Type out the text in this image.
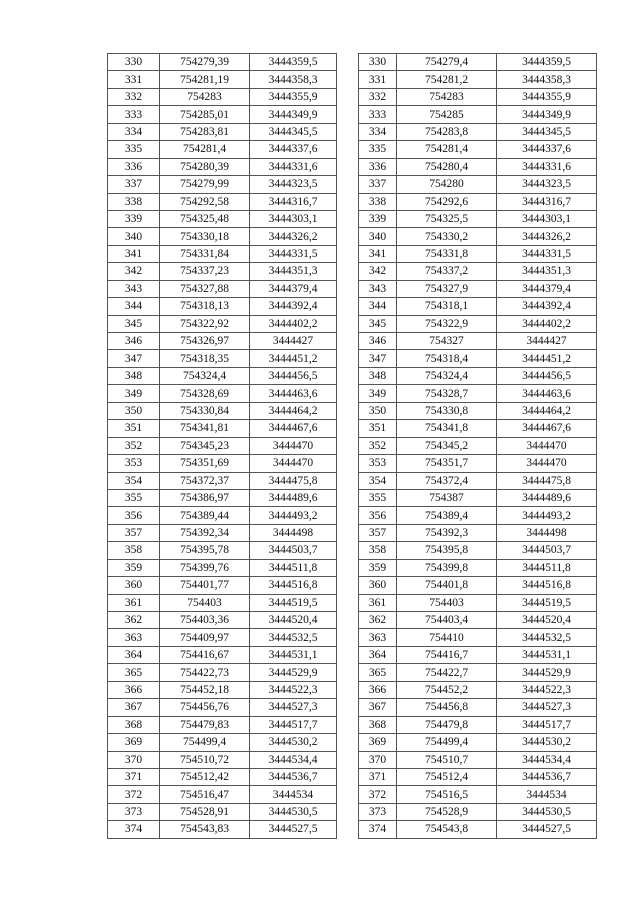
330	754279,39	3444359,5
331	754281,19	3444358,3
332	754283	3444355,9
333	754285,01	3444349,9
334	754283,81	3444345,5
335	754281,4	3444337,6
336	754280,39	3444331,6
337	754279,99	3444323,5
338	754292,58	3444316,7
339	754325,48	3444303,1
340	754330,18	3444326,2
341	754331,84	3444331,5
342	754337,23	3444351,3
343	754327,88	3444379,4
344	754318,13	3444392,4
345	754322,92	3444402,2
346	754326,97	3444427
347	754318,35	3444451,2
348	754324,4	3444456,5
349	754328,69	3444463,6
350	754330,84	3444464,2
351	754341,81	3444467,6
352	754345,23	3444470
353	754351,69	3444470
354	754372,37	3444475,8
355	754386,97	3444489,6
356	754389,44	3444493,2
357	754392,34	3444498
358	754395,78	3444503,7
359	754399,76	3444511,8
360	754401,77	3444516,8
361	754403	3444519,5
362	754403,36	3444520,4
363	754409,97	3444532,5
364	754416,67	3444531,1
365	754422,73	3444529,9
366	754452,18	3444522,3
367	754456,76	3444527,3
368	754479,83	3444517,7
369	754499,4	3444530,2
370	754510,72	3444534,4
371	754512,42	3444536,7
372	754516,47	3444534
373	754528,91	3444530,5
374	754543,83	3444527,5
330	754279,4	3444359,5
331	754281,2	3444358,3
332	754283	3444355,9
333	754285	3444349,9
334	754283,8	3444345,5
335	754281,4	3444337,6
336	754280,4	3444331,6
337	754280	3444323,5
338	754292,6	3444316,7
339	754325,5	3444303,1
340	754330,2	3444326,2
341	754331,8	3444331,5
342	754337,2	3444351,3
343	754327,9	3444379,4
344	754318,1	3444392,4
345	754322,9	3444402,2
346	754327	3444427
347	754318,4	3444451,2
348	754324,4	3444456,5
349	754328,7	3444463,6
350	754330,8	3444464,2
351	754341,8	3444467,6
352	754345,2	3444470
353	754351,7	3444470
354	754372,4	3444475,8
355	754387	3444489,6
356	754389,4	3444493,2
357	754392,3	3444498
358	754395,8	3444503,7
359	754399,8	3444511,8
360	754401,8	3444516,8
361	754403	3444519,5
362	754403,4	3444520,4
363	754410	3444532,5
364	754416,7	3444531,1
365	754422,7	3444529,9
366	754452,2	3444522,3
367	754456,8	3444527,3
368	754479,8	3444517,7
369	754499,4	3444530,2
370	754510,7	3444534,4
371	754512,4	3444536,7
372	754516,5	3444534
373	754528,9	3444530,5
374	754543,8	3444527,5
